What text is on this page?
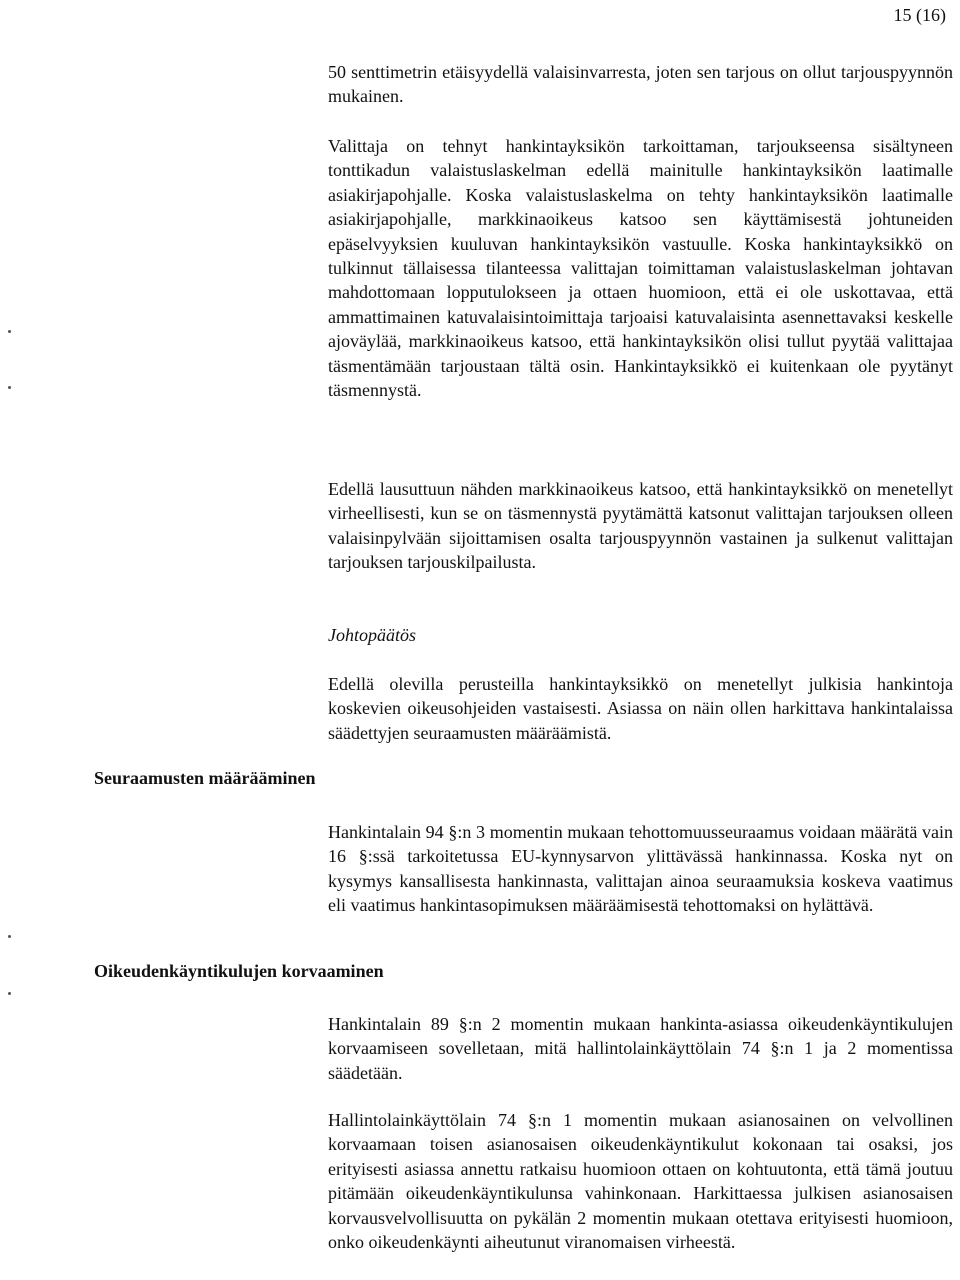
15 (16)

50 senttimetrin etäisyydellä valaisinvarresta, joten sen tarjous on ollut tarjouspyynnön mukainen.

Valittaja on tehnyt hankintayksikön tarkoittaman, tarjoukseensa sisältyneen tonttikadun valaistuslaskelman edellä mainitulle hankintayksikön laatimalle asiakirjapohjalle. Koska valaistuslaskelma on tehty hankintayksikön laatimalle asiakirjapohjalle, markkinaoikeus katsoo sen käyttämisestä johtuneiden epäselvyyksien kuuluvan hankintayksikön vastuulle. Koska hankintayksikkö on tulkinnut tällaisessa tilanteessa valittajan toimittaman valaistuslaskelman johtavan mahdottomaan lopputulokseen ja ottaen huomioon, että ei ole uskottavaa, että ammattimainen katuvalaisintoimittaja tarjoaisi katuvalaisinta asennettavaksi keskelle ajoväylää, markkinaoikeus katsoo, että hankintayksikön olisi tullut pyytää valittajaa täsmentämään tarjoustaan tältä osin. Hankintayksikkö ei kuitenkaan ole pyytänyt täsmennystä.

Edellä lausuttuun nähden markkinaoikeus katsoo, että hankintayksikkö on menetellyt virheellisesti, kun se on täsmennystä pyytämättä katsonut valittajan tarjouksen olleen valaisinpylvään sijoittamisen osalta tarjouspyynnön vastainen ja sulkenut valittajan tarjouksen tarjouskilpailusta.

Johtopäätös

Edellä olevilla perusteilla hankintayksikkö on menetellyt julkisia hankintoja koskevien oikeusohjeiden vastaisesti. Asiassa on näin ollen harkittava hankintalaissa säädettyjen seuraamusten määräämistä.

Seuraamusten määrääminen

Hankintalain 94 §:n 3 momentin mukaan tehottomuusseuraamus voidaan määrätä vain 16 §:ssä tarkoitetussa EU-kynnysarvon ylittävässä hankinnassa. Koska nyt on kysymys kansallisesta hankinnasta, valittajan ainoa seuraamuksia koskeva vaatimus eli vaatimus hankintasopimuksen määräämisestä tehottomaksi on hylättävä.

Oikeudenkäyntikulujen korvaaminen

Hankintalain 89 §:n 2 momentin mukaan hankinta-asiassa oikeudenkäyntikulujen korvaamiseen sovelletaan, mitä hallintolainkäyttölain 74 §:n 1 ja 2 momentissa säädetään.

Hallintolainkäyttölain 74 §:n 1 momentin mukaan asianosainen on velvollinen korvaamaan toisen asianosaisen oikeudenkäyntikulut kokonaan tai osaksi, jos erityisesti asiassa annettu ratkaisu huomioon ottaen on kohtuutonta, että tämä joutuu pitämään oikeudenkäyntikulunsa vahinkonaan. Harkittaessa julkisen asianosaisen korvausvelvollisuutta on pykälän 2 momentin mukaan otettava erityisesti huomioon, onko oikeudenkäynti aiheutunut viranomaisen virheestä.
